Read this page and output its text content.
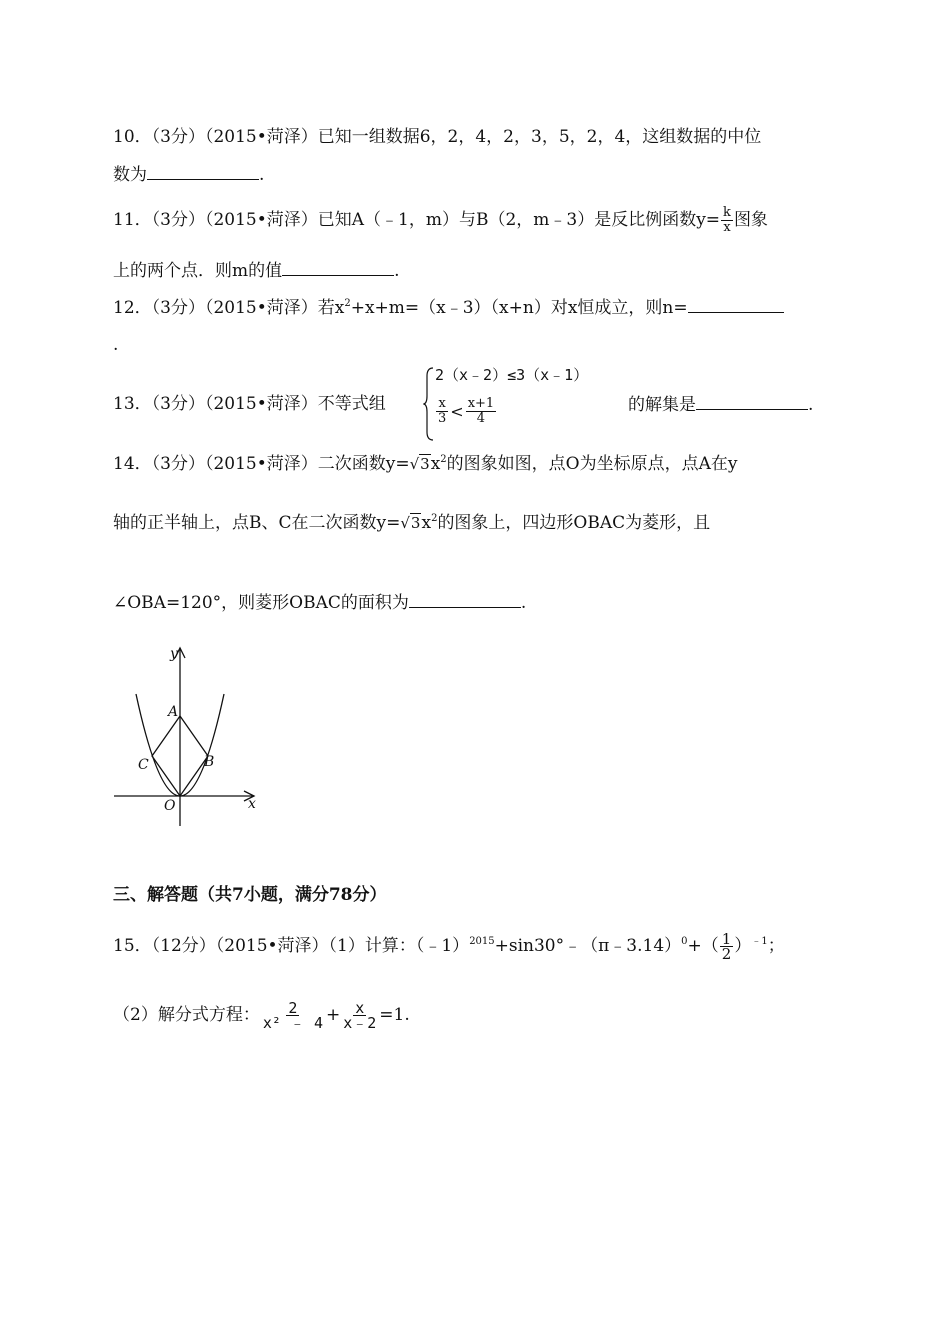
10．（3分）（2015•菏泽）已知一组数据6，2，4，2，3，5，2，4，这组数据的中位
数为	.
11．（3分）（2015•菏泽）已知A（﹣1，m）与B（2，m﹣3）是反比例函数$y= \frac{k}{x}$ 图象
上的两个点．则m的值	.
12．（3分）（2015•菏泽）若$x^2+x+m=(x﹣3)(x+n)$对x恒成立，则n=
.
13．（3分）（2015•菏泽）不等式组
2（x﹣2）≤3（x﹣1）
$\frac{x}{3} < \frac{x+1}{4}$	的解集是	.
14．（3分）（2015•菏泽）二次函数$y=√3x^2$的图象如图，点O为坐标原点，点A在y
轴的正半轴上，点B、C在二次函数$y=√3x^2$的图象上，四边形OBAC为菱形，且
∠OBA=120°，则菱形OBAC的面积为	.
y
x
A
B
C
O
三、解答题（共7小题，满分78分）
15．（12分）（2015•菏泽）（1）计算：（﹣1）$^{2015}$+sin30°﹣（π﹣3.14）$^0$+（ $\frac{1}{2} )^{﹣1}$；
（2）解分式方程： $\frac{2}{\text{x² ﹣ 4}} + \frac{x}{x﹣2} =1$.
